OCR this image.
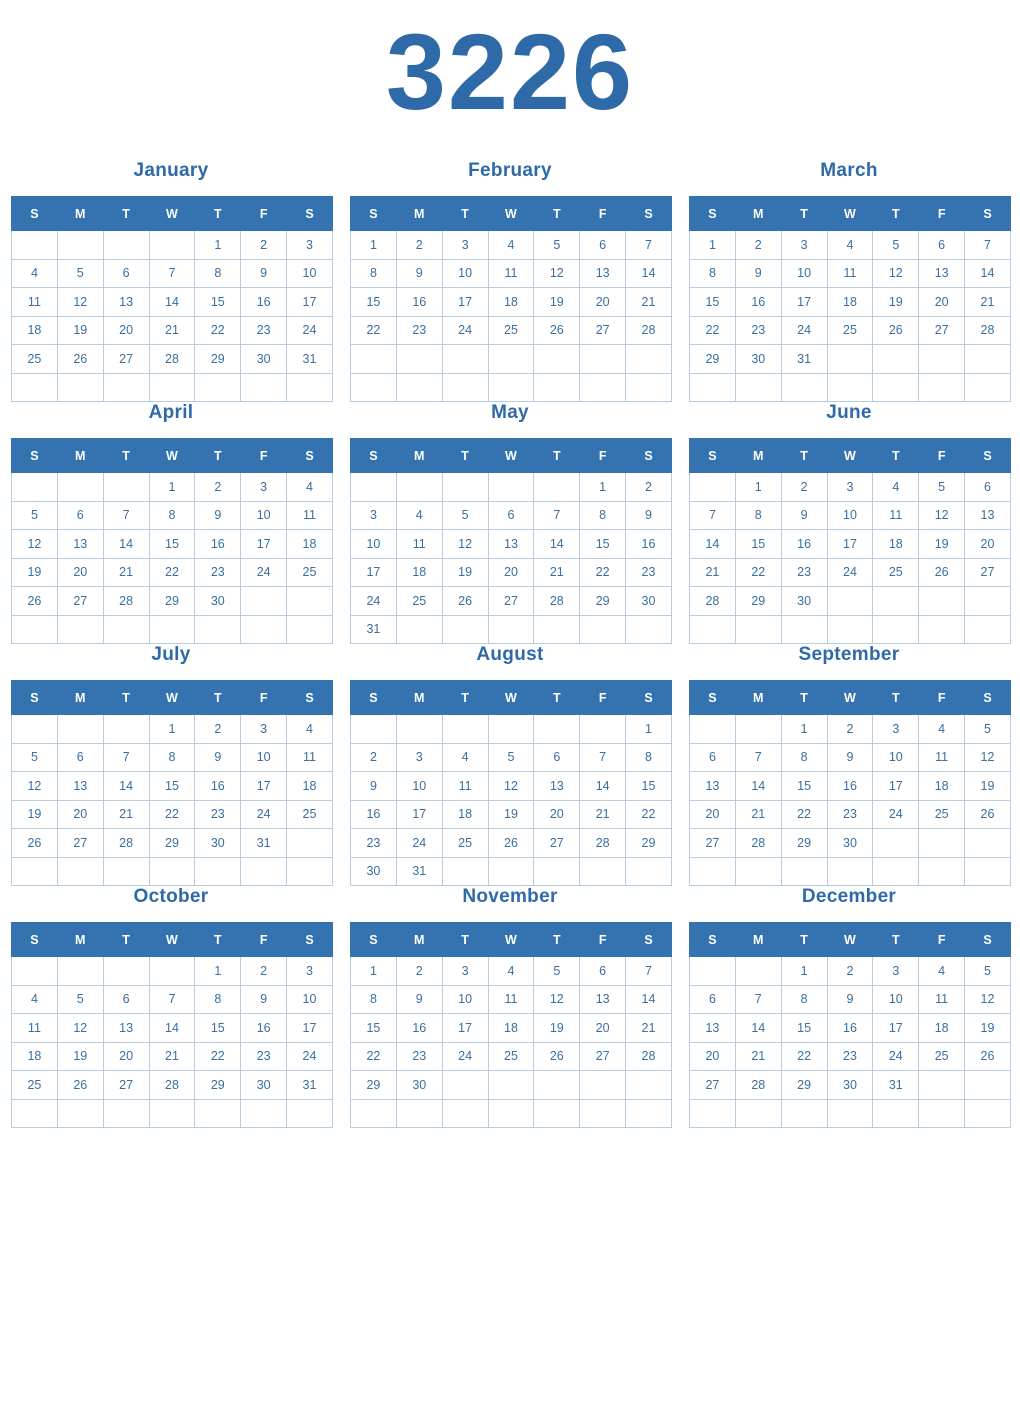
3226
January
S	M	T	W	T	F	S
				1	2	3
4	5	6	7	8	9	10
11	12	13	14	15	16	17
18	19	20	21	22	23	24
25	26	27	28	29	30	31

February
S	M	T	W	T	F	S
1	2	3	4	5	6	7
8	9	10	11	12	13	14
15	16	17	18	19	20	21
22	23	24	25	26	27	28

March
S	M	T	W	T	F	S
1	2	3	4	5	6	7
8	9	10	11	12	13	14
15	16	17	18	19	20	21
22	23	24	25	26	27	28
29	30	31				

April
S	M	T	W	T	F	S
			1	2	3	4
5	6	7	8	9	10	11
12	13	14	15	16	17	18
19	20	21	22	23	24	25
26	27	28	29	30		

May
S	M	T	W	T	F	S
					1	2
3	4	5	6	7	8	9
10	11	12	13	14	15	16
17	18	19	20	21	22	23
24	25	26	27	28	29	30
31						
June
S	M	T	W	T	F	S
	1	2	3	4	5	6
7	8	9	10	11	12	13
14	15	16	17	18	19	20
21	22	23	24	25	26	27
28	29	30				

July
S	M	T	W	T	F	S
			1	2	3	4
5	6	7	8	9	10	11
12	13	14	15	16	17	18
19	20	21	22	23	24	25
26	27	28	29	30	31	

August
S	M	T	W	T	F	S
						1
2	3	4	5	6	7	8
9	10	11	12	13	14	15
16	17	18	19	20	21	22
23	24	25	26	27	28	29
30	31					
September
S	M	T	W	T	F	S
		1	2	3	4	5
6	7	8	9	10	11	12
13	14	15	16	17	18	19
20	21	22	23	24	25	26
27	28	29	30			

October
S	M	T	W	T	F	S
				1	2	3
4	5	6	7	8	9	10
11	12	13	14	15	16	17
18	19	20	21	22	23	24
25	26	27	28	29	30	31

November
S	M	T	W	T	F	S
1	2	3	4	5	6	7
8	9	10	11	12	13	14
15	16	17	18	19	20	21
22	23	24	25	26	27	28
29	30					

December
S	M	T	W	T	F	S
		1	2	3	4	5
6	7	8	9	10	11	12
13	14	15	16	17	18	19
20	21	22	23	24	25	26
27	28	29	30	31		
